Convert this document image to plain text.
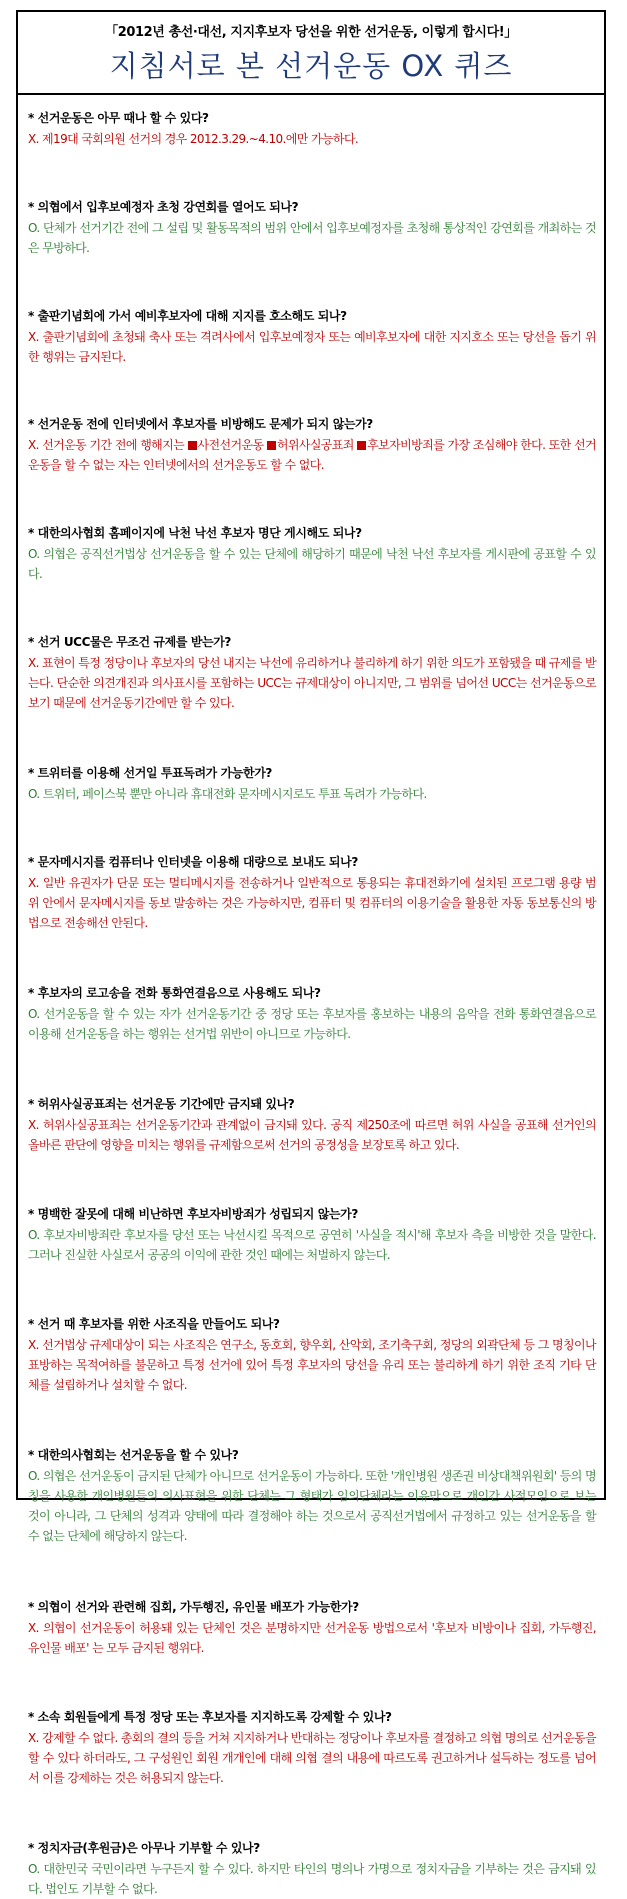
「2012년 총선·대선, 지지후보자 당선을 위한 선거운동, 이렇게 합시다!」
지침서로 본 선거운동 OX 퀴즈
* 선거운동은 아무 때나 할 수 있다?
X. 제19대 국회의원 선거의 경우 2012.3.29.~4.10.에만 가능하다.
* 의협에서 입후보예정자 초청 강연회를 열어도 되나?
O. 단체가 선거기간 전에 그 설립 및 활동목적의 범위 안에서 입후보예정자를 초청해 통상적인 강연회를 개최하는 것은 무방하다.
* 출판기념회에 가서 예비후보자에 대해 지지를 호소해도 되나?
X. 출판기념회에 초청돼 축사 또는 격려사에서 입후보예정자 또는 예비후보자에 대한 지지호소 또는 당선을 돕기 위한 행위는 금지된다.
* 선거운동 전에 인터넷에서 후보자를 비방해도 문제가 되지 않는가?
X. 선거운동 기간 전에 행해지는 사전선거운동 허위사실공표죄 후보자비방죄를 가장 조심해야 한다. 또한 선거운동을 할 수 없는 자는 인터넷에서의 선거운동도 할 수 없다.
* 대한의사협회 홈페이지에 낙천 낙선 후보자 명단 게시해도 되나?
O. 의협은 공직선거법상 선거운동을 할 수 있는 단체에 해당하기 때문에 낙천 낙선 후보자를 게시판에 공표할 수 있다.
* 선거 UCC물은 무조건 규제를 받는가?
X. 표현이 특정 정당이나 후보자의 당선 내지는 낙선에 유리하거나 불리하게 하기 위한 의도가 포함됐을 때 규제를 받는다. 단순한 의견개진과 의사표시를 포함하는 UCC는 규제대상이 아니지만, 그 범위를 넘어선 UCC는 선거운동으로 보기 때문에 선거운동기간에만 할 수 있다.
* 트위터를 이용해 선거일 투표독려가 가능한가?
O. 트위터, 페이스북 뿐만 아니라 휴대전화 문자메시지로도 투표 독려가 가능하다.
* 문자메시지를 컴퓨터나 인터넷을 이용해 대량으로 보내도 되나?
X. 일반 유권자가 단문 또는 멀티메시지를 전송하거나 일반적으로 통용되는 휴대전화기에 설치된 프로그램 용량 범위 안에서 문자메시지를 동보 발송하는 것은 가능하지만, 컴퓨터 및 컴퓨터의 이용기술을 활용한 자동 동보통신의 방법으로 전송해선 안된다.
* 후보자의 로고송을 전화 통화연결음으로 사용해도 되나?
O. 선거운동을 할 수 있는 자가 선거운동기간 중 정당 또는 후보자를 홍보하는 내용의 음악을 전화 통화연결음으로 이용해 선거운동을 하는 행위는 선거법 위반이 아니므로 가능하다.
* 허위사실공표죄는 선거운동 기간에만 금지돼 있나?
X. 허위사실공표죄는 선거운동기간과 관계없이 금지돼 있다. 공직 제250조에 따르면 허위 사실을 공표해 선거인의 올바른 판단에 영향을 미치는 행위를 규제함으로써 선거의 공정성을 보장토록 하고 있다.
* 명백한 잘못에 대해 비난하면 후보자비방죄가 성립되지 않는가?
O. 후보자비방죄란 후보자를 당선 또는 낙선시킬 목적으로 공연히 '사실을 적시'해 후보자 측을 비방한 것을 말한다. 그러나 진실한 사실로서 공공의 이익에 관한 것인 때에는 처벌하지 않는다.
* 선거 때 후보자를 위한 사조직을 만들어도 되나?
X. 선거법상 규제대상이 되는 사조직은 연구소, 동호회, 향우회, 산악회, 조기축구회, 정당의 외곽단체 등 그 명칭이나 표방하는 목적여하를 불문하고 특정 선거에 있어 특정 후보자의 당선을 유리 또는 불리하게 하기 위한 조직 기타 단체를 설립하거나 설치할 수 없다.
* 대한의사협회는 선거운동을 할 수 있나?
O. 의협은 선거운동이 금지된 단체가 아니므로 선거운동이 가능하다. 또한 '개인병원 생존권 비상대책위원회' 등의 명칭을 사용한 개인병원들의 의사표현을 위한 단체는 그 형태가 임의단체라는 이유만으로 개인간 사적모임으로 보는 것이 아니라, 그 단체의 성격과 양태에 따라 결정해야 하는 것으로서 공직선거법에서 규정하고 있는 선거운동을 할 수 없는 단체에 해당하지 않는다.
* 의협이 선거와 관련해 집회, 가두행진, 유인물 배포가 가능한가?
X. 의협이 선거운동이 허용돼 있는 단체인 것은 분명하지만 선거운동 방법으로서 '후보자 비방이나 집회, 가두행진, 유인물 배포' 는 모두 금지된 행위다.
* 소속 회원들에게 특정 정당 또는 후보자를 지지하도록 강제할 수 있나?
X. 강제할 수 없다. 총회의 결의 등을 거쳐 지지하거나 반대하는 정당이나 후보자를 결정하고 의협 명의로 선거운동을 할 수 있다 하더라도, 그 구성원인 회원 개개인에 대해 의협 결의 내용에 따르도록 권고하거나 설득하는 정도를 넘어서 이를 강제하는 것은 허용되지 않는다.
* 정치자금(후원금)은 아무나 기부할 수 있나?
O. 대한민국 국민이라면 누구든지 할 수 있다. 하지만 타인의 명의나 가명으로 정치자금을 기부하는 것은 금지돼 있다. 법인도 기부할 수 없다.
